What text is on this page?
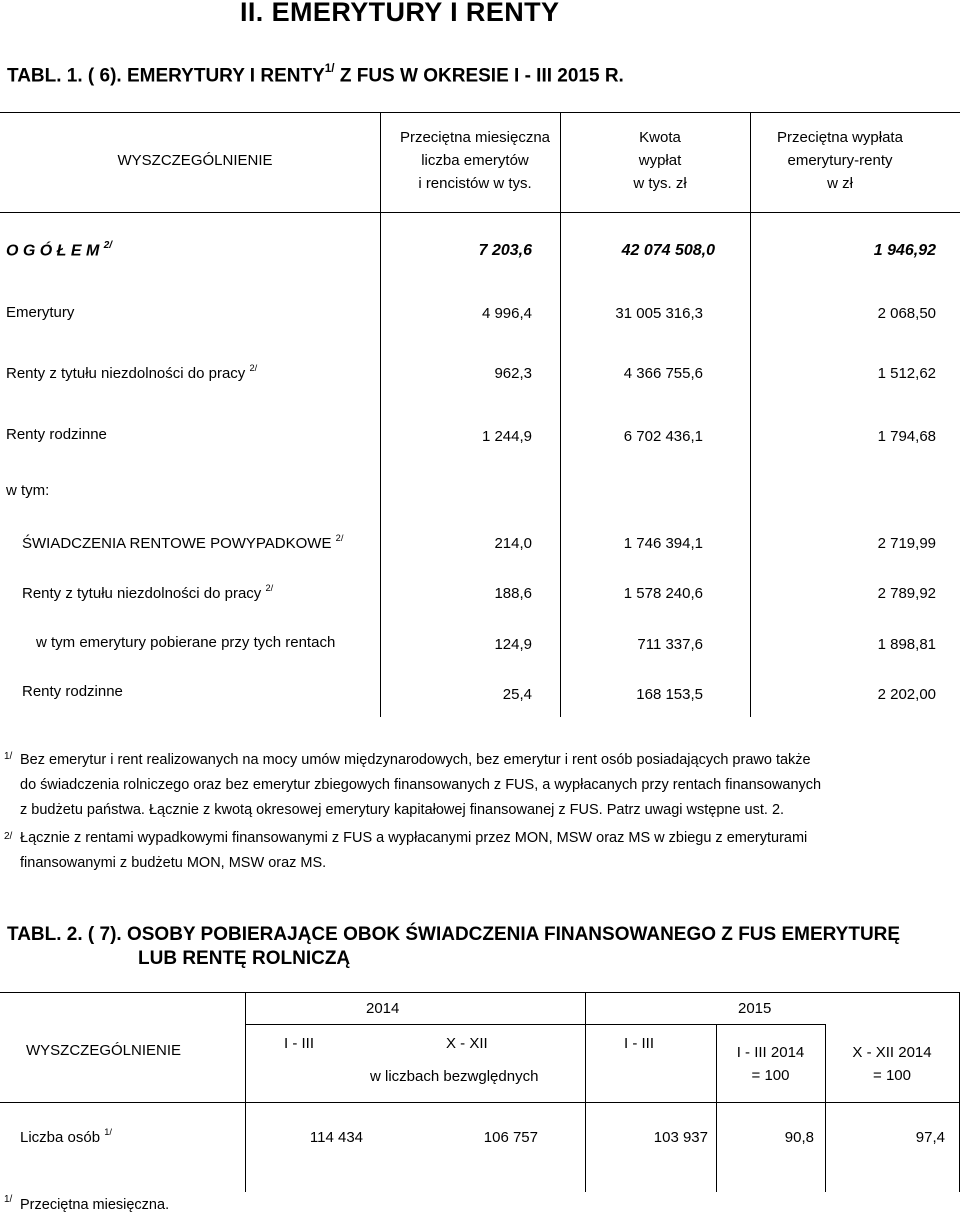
II. EMERYTURY I RENTY
TABL. 1. ( 6). EMERYTURY I $RENTY^{1/}$ Z FUS W OKRESIE I - III 2015 R.
WYSZCZEGÓLNIENIE
Przeciętna miesięczna
liczba emerytów
i rencistów w tys.
Kwota
wypłat
w tys. zł
Przeciętna wypłata
emerytury-renty
w zł
O G Ó Ł E M $^{2/}$	7 203,6	42 074 508,0	1 946,92
Emerytury	4 996,4	31 005 316,3	2 068,50
Renty z tytułu niezdolności do pracy $^{2/}$	962,3	4 366 755,6	1 512,62
Renty rodzinne	1 244,9	6 702 436,1	1 794,68
w tym:
ŚWIADCZENIA RENTOWE POWYPADKOWE $^{2/}$	214,0	1 746 394,1	2 719,99
Renty z tytułu niezdolności do pracy $^{2/}$	188,6	1 578 240,6	2 789,92
w tym emerytury pobierane przy tych rentach	124,9	711 337,6	1 898,81
Renty rodzinne	25,4	168 153,5	2 202,00
1/ Bez emerytur i rent realizowanych na mocy umów międzynarodowych, bez emerytur i rent osób posiadających prawo także
do świadczenia rolniczego oraz bez emerytur zbiegowych finansowanych z FUS, a wypłacanych przy rentach finansowanych
z budżetu państwa. Łącznie z kwotą okresowej emerytury kapitałowej finansowanej z FUS. Patrz uwagi wstępne ust. 2.
2/ Łącznie z rentami wypadkowymi finansowanymi z FUS a wypłacanymi przez MON, MSW oraz MS w zbiegu z emeryturami
finansowanymi z budżetu MON, MSW oraz MS.
TABL. 2. ( 7). OSOBY POBIERAJĄCE OBOK ŚWIADCZENIA FINANSOWANEGO Z FUS EMERYTURĘ
LUB RENTĘ ROLNICZĄ
WYSZCZEGÓLNIENIE
2014	2015
I - III	X - XII	I - III
I - III 2014
= 100
X - XII 2014
= 100
w liczbach bezwględnych
Liczba osób $^{1/}$	114 434	106 757	103 937	90,8	97,4
1/ Przeciętna miesięczna.
